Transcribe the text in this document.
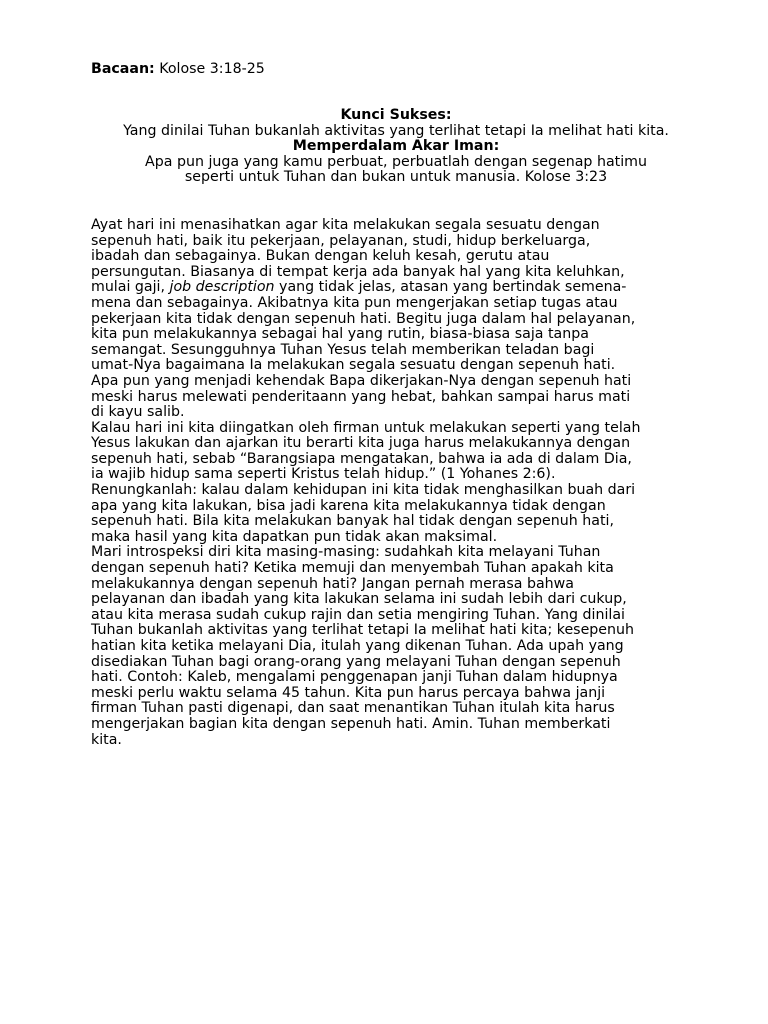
Bacaan: Kolose 3:18-25

Kunci Sukses:

Yang dinilai Tuhan bukanlah aktivitas yang terlihat tetapi Ia melihat hati kita.

Memperdalam Akar Iman:

Apa pun juga yang kamu perbuat, perbuatlah dengan segenap hatimu

seperti untuk Tuhan dan bukan untuk manusia. Kolose 3:23

Ayat hari ini menasihatkan agar kita melakukan segala sesuatu dengan
sepenuh hati, baik itu pekerjaan, pelayanan, studi, hidup berkeluarga,
ibadah dan sebagainya. Bukan dengan keluh kesah, gerutu atau
persungutan. Biasanya di tempat kerja ada banyak hal yang kita keluhkan,
mulai gaji, job description yang tidak jelas, atasan yang bertindak semena-
mena dan sebagainya. Akibatnya kita pun mengerjakan setiap tugas atau
pekerjaan kita tidak dengan sepenuh hati. Begitu juga dalam hal pelayanan,
kita pun melakukannya sebagai hal yang rutin, biasa-biasa saja tanpa
semangat. Sesungguhnya Tuhan Yesus telah memberikan teladan bagi
umat-Nya bagaimana Ia melakukan segala sesuatu dengan sepenuh hati.
Apa pun yang menjadi kehendak Bapa dikerjakan-Nya dengan sepenuh hati
meski harus melewati penderitaann yang hebat, bahkan sampai harus mati
di kayu salib.

Kalau hari ini kita diingatkan oleh firman untuk melakukan seperti yang telah
Yesus lakukan dan ajarkan itu berarti kita juga harus melakukannya dengan
sepenuh hati, sebab “Barangsiapa mengatakan, bahwa ia ada di dalam Dia,
ia wajib hidup sama seperti Kristus telah hidup.” (1 Yohanes 2:6).
Renungkanlah: kalau dalam kehidupan ini kita tidak menghasilkan buah dari
apa yang kita lakukan, bisa jadi karena kita melakukannya tidak dengan
sepenuh hati. Bila kita melakukan banyak hal tidak dengan sepenuh hati,
maka hasil yang kita dapatkan pun tidak akan maksimal.

Mari introspeksi diri kita masing-masing: sudahkah kita melayani Tuhan
dengan sepenuh hati? Ketika memuji dan menyembah Tuhan apakah kita
melakukannya dengan sepenuh hati? Jangan pernah merasa bahwa
pelayanan dan ibadah yang kita lakukan selama ini sudah lebih dari cukup,
atau kita merasa sudah cukup rajin dan setia mengiring Tuhan. Yang dinilai
Tuhan bukanlah aktivitas yang terlihat tetapi Ia melihat hati kita; kesepenuh
hatian kita ketika melayani Dia, itulah yang dikenan Tuhan. Ada upah yang
disediakan Tuhan bagi orang-orang yang melayani Tuhan dengan sepenuh
hati. Contoh: Kaleb, mengalami penggenapan janji Tuhan dalam hidupnya
meski perlu waktu selama 45 tahun. Kita pun harus percaya bahwa janji
firman Tuhan pasti digenapi, dan saat menantikan Tuhan itulah kita harus
mengerjakan bagian kita dengan sepenuh hati. Amin. Tuhan memberkati
kita.
